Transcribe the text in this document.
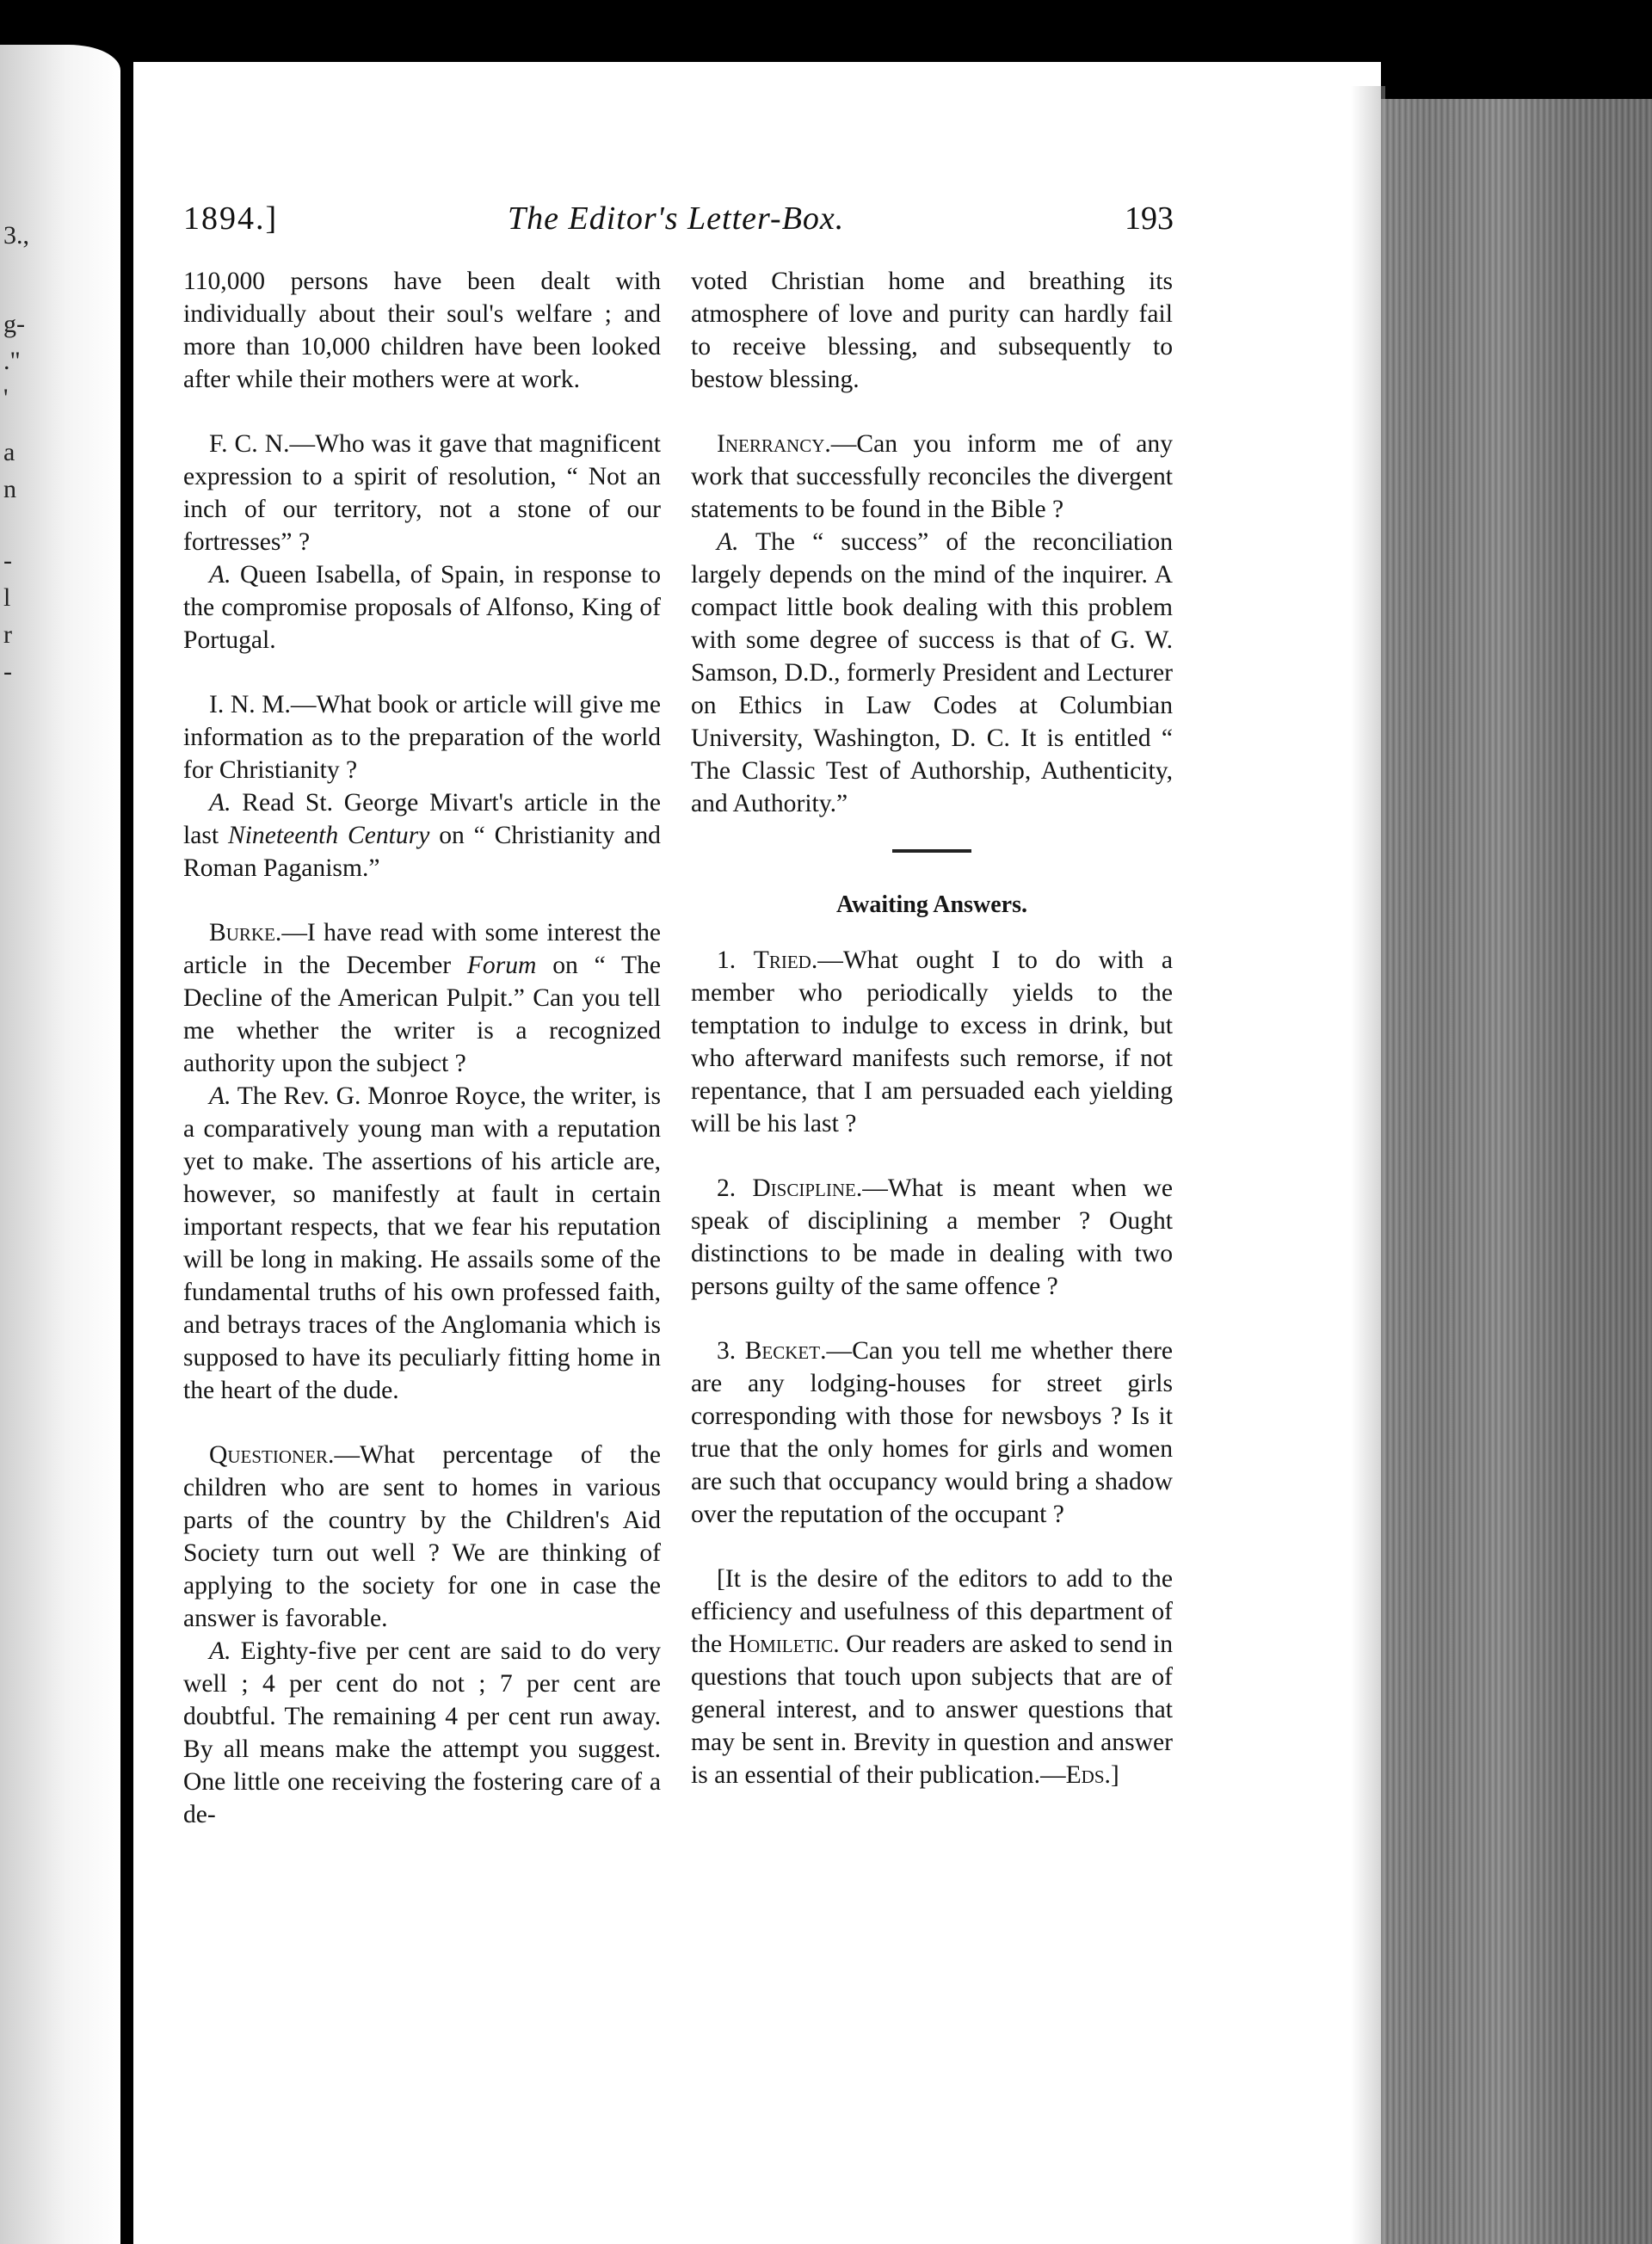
3.,
g-
."
'
a
n
-
l
r
-
1894.]	The Editor's Letter-Box.	193

110,000 persons have been dealt with individually about their soul's welfare ; and more than 10,000 children have been looked after while their mothers were at work.

F. C. N.—Who was it gave that magnificent expression to a spirit of resolution, “ Not an inch of our territory, not a stone of our fortresses” ?

A. Queen Isabella, of Spain, in response to the compromise proposals of Alfonso, King of Portugal.

I. N. M.—What book or article will give me information as to the preparation of the world for Christianity ?

A. Read St. George Mivart's article in the last Nineteenth Century on “ Christianity and Roman Paganism.”

Burke.—I have read with some interest the article in the December Forum on “ The Decline of the American Pulpit.” Can you tell me whether the writer is a recognized authority upon the subject ?

A. The Rev. G. Monroe Royce, the writer, is a comparatively young man with a reputation yet to make. The assertions of his article are, however, so manifestly at fault in certain important respects, that we fear his reputation will be long in making. He assails some of the fundamental truths of his own professed faith, and betrays traces of the Anglomania which is supposed to have its peculiarly fitting home in the heart of the dude.

Questioner.—What percentage of the children who are sent to homes in various parts of the country by the Children's Aid Society turn out well ? We are thinking of applying to the society for one in case the answer is favorable.

A. Eighty-five per cent are said to do very well ; 4 per cent do not ; 7 per cent are doubtful. The remaining 4 per cent run away. By all means make the attempt you suggest. One little one receiving the fostering care of a de-

voted Christian home and breathing its atmosphere of love and purity can hardly fail to receive blessing, and subsequently to bestow blessing.

Inerrancy.—Can you inform me of any work that successfully reconciles the divergent statements to be found in the Bible ?

A. The “ success” of the reconciliation largely depends on the mind of the inquirer. A compact little book dealing with this problem with some degree of success is that of G. W. Samson, D.D., formerly President and Lecturer on Ethics in Law Codes at Columbian University, Washington, D. C. It is entitled “ The Classic Test of Authorship, Authenticity, and Authority.”

Awaiting Answers.

1. Tried.—What ought I to do with a member who periodically yields to the temptation to indulge to excess in drink, but who afterward manifests such remorse, if not repentance, that I am persuaded each yielding will be his last ?

2. Discipline.—What is meant when we speak of disciplining a member ? Ought distinctions to be made in dealing with two persons guilty of the same offence ?

3. Becket.—Can you tell me whether there are any lodging-houses for street girls corresponding with those for newsboys ? Is it true that the only homes for girls and women are such that occupancy would bring a shadow over the reputation of the occupant ?

[It is the desire of the editors to add to the efficiency and usefulness of this department of the Homiletic. Our readers are asked to send in questions that touch upon subjects that are of general interest, and to answer questions that may be sent in. Brevity in question and answer is an essential of their publication.—Eds.]
